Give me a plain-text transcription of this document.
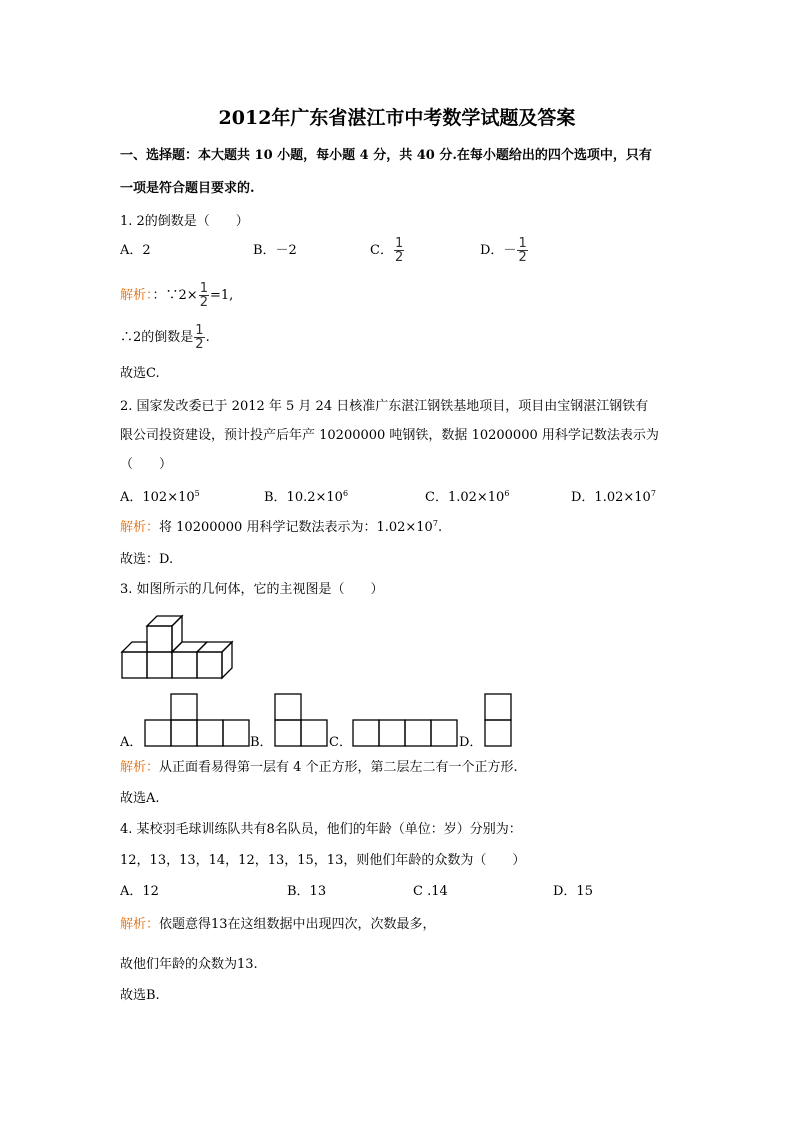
2012年广东省湛江市中考数学试题及答案
一、选择题：本大题共 10 小题，每小题 4 分，共 40 分.在每小题给出的四个选项中，只有
一项是符合题目要求的.
1. 2的倒数是（　　）
A．2	B．－2	C． $\frac{1}{2}$	D．－ $\frac{1}{2}$
解析：：∵2× $\frac{1}{2} =1$,
∴2的倒数是 $\frac{1}{2}$ .
故选C.
2. 国家发改委已于 2012 年 5 月 24 日核准广东湛江钢铁基地项目，项目由宝钢湛江钢铁有
限公司投资建设，预计投产后年产 10200000 吨钢铁，数据 10200000 用科学记数法表示为
（　　）
A．$102\times 10^5$	B．$10.2\times 10^6$	C．$1.02\times 10^6$	D．$1.02\times 10^7$
解析：将 10200000 用科学记数法表示为：$1.02\times 10^7$.
故选：D.
3. 如图所示的几何体，它的主视图是（　　）
A．	B．	C．	D．
解析：从正面看易得第一层有 4 个正方形，第二层左二有一个正方形.
故选A.
4. 某校羽毛球训练队共有8名队员，他们的年龄（单位：岁）分别为：
12，13，13，14，12，13，15，13，则他们年龄的众数为（　　）
A．12	B．13	C .14	D．15
解析：依题意得13在这组数据中出现四次，次数最多，
故他们年龄的众数为13.
故选B.
